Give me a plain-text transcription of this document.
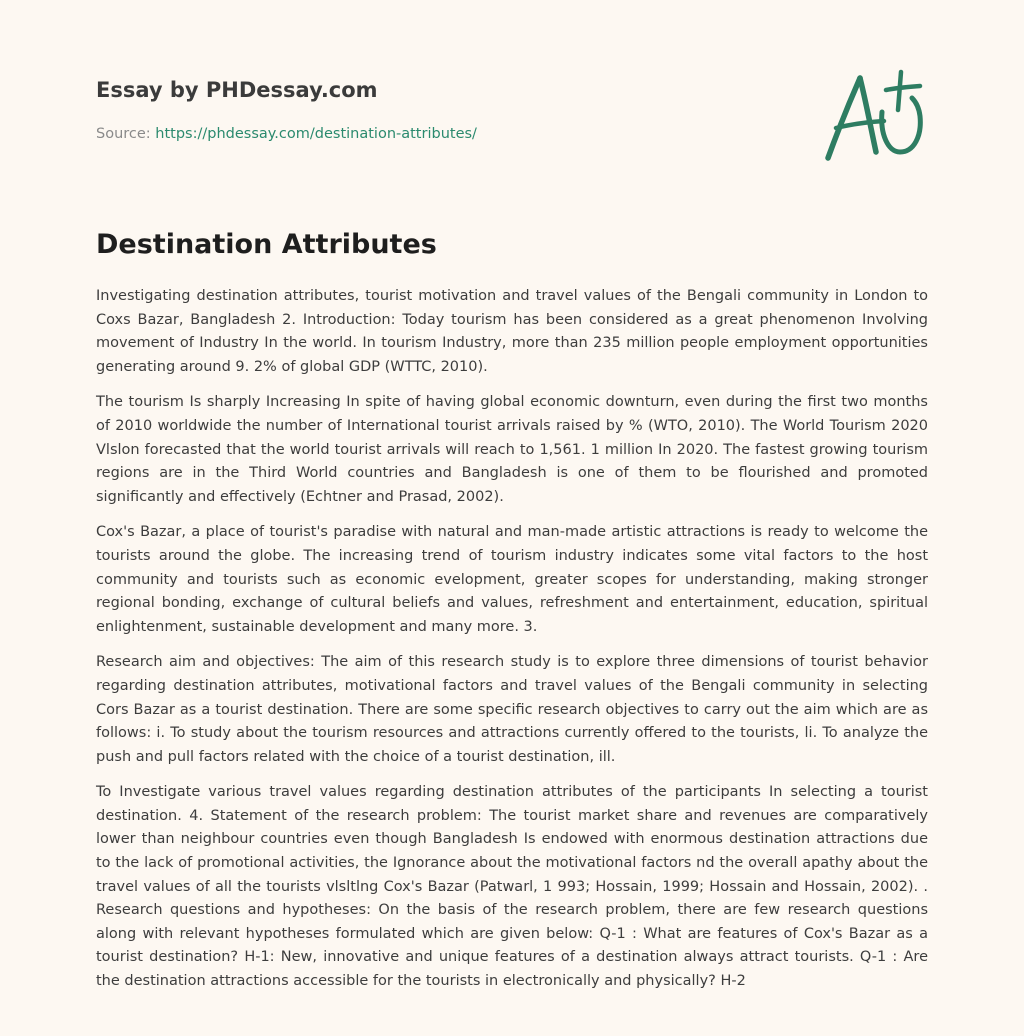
Essay by PHDessay.com
Source: https://phdessay.com/destination-attributes/
Destination Attributes

Investigating destination attributes, tourist motivation and travel values of the Bengali community in London to Coxs Bazar, Bangladesh 2. Introduction: Today tourism has been considered as a great phenomenon Involving movement of Industry In the world. In tourism Industry, more than 235 million people employment opportunities generating around 9. 2% of global GDP (WTTC, 2010).

The tourism Is sharply Increasing In spite of having global economic downturn, even during the first two months of 2010 worldwide the number of International tourist arrivals raised by % (WTO, 2010). The World Tourism 2020 Vlslon forecasted that the world tourist arrivals will reach to 1,561. 1 million In 2020. The fastest growing tourism regions are in the Third World countries and Bangladesh is one of them to be flourished and promoted significantly and effectively (Echtner and Prasad, 2002).

Cox's Bazar, a place of tourist's paradise with natural and man-made artistic attractions is ready to welcome the tourists around the globe. The increasing trend of tourism industry indicates some vital factors to the host community and tourists such as economic evelopment, greater scopes for understanding, making stronger regional bonding, exchange of cultural beliefs and values, refreshment and entertainment, education, spiritual enlightenment, sustainable development and many more. 3.

Research aim and objectives: The aim of this research study is to explore three dimensions of tourist behavior regarding destination attributes, motivational factors and travel values of the Bengali community in selecting Cors Bazar as a tourist destination. There are some specific research objectives to carry out the aim which are as follows: i. To study about the tourism resources and attractions currently offered to the tourists, li. To analyze the push and pull factors related with the choice of a tourist destination, ill.

To Investigate various travel values regarding destination attributes of the participants In selecting a tourist destination. 4. Statement of the research problem: The tourist market share and revenues are comparatively lower than neighbour countries even though Bangladesh Is endowed with enormous destination attractions due to the lack of promotional activities, the Ignorance about the motivational factors nd the overall apathy about the travel values of all the tourists vlsltlng Cox's Bazar (Patwarl, 1 993; Hossain, 1999; Hossain and Hossain, 2002). . Research questions and hypotheses: On the basis of the research problem, there are few research questions along with relevant hypotheses formulated which are given below: Q-1 : What are features of Cox's Bazar as a tourist destination? H-1: New, innovative and unique features of a destination always attract tourists. Q-1 : Are the destination attractions accessible for the tourists in electronically and physically? H-2
